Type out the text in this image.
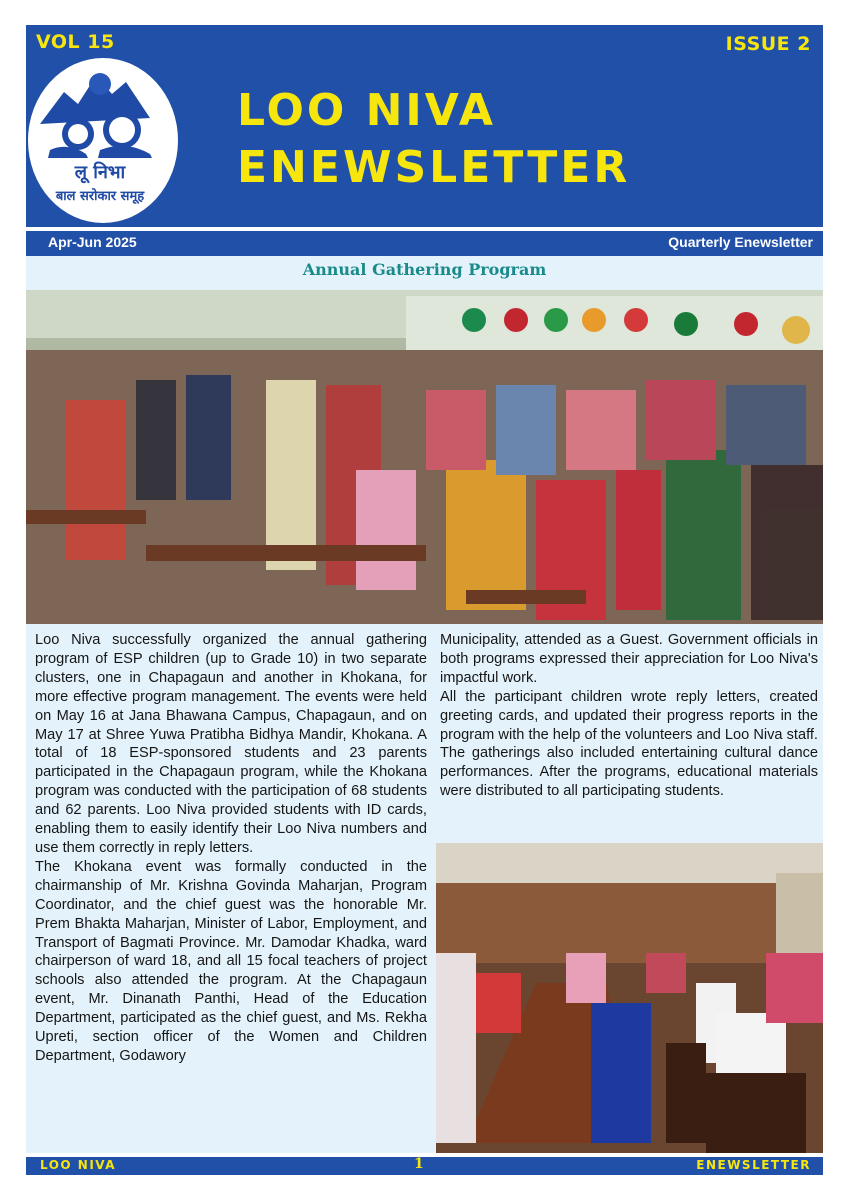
VOL 15	ISSUE 2
लू निभा
बाल सरोकार समूह
LOO NIVA
ENEWSLETTER
Apr-Jun 2025	Quarterly Enewsletter
Annual Gathering Program

Loo Niva successfully organized the annual gathering program of ESP children (up to Grade 10) in two separate clusters, one in Chapagaun and another in Khokana, for more effective program management. The events were held on May 16 at Jana Bhawana Campus, Chapagaun, and on May 17 at Shree Yuwa Pratibha Bidhya Mandir, Khokana. A total of 18 ESP-sponsored students and 23 parents participated in the Chapagaun program, while the Khokana program was conducted with the participation of 68 students and 62 parents. Loo Niva provided students with ID cards, enabling them to easily identify their Loo Niva numbers and use them correctly in reply letters.

The Khokana event was formally conducted in the chairmanship of Mr. Krishna Govinda Maharjan, Program Coordinator, and the chief guest was the honorable Mr. Prem Bhakta Maharjan, Minister of Labor, Employment, and Transport of Bagmati Province. Mr. Damodar Khadka, ward chairperson of ward 18, and all 15 focal teachers of project schools also attended the program. At the Chapagaun event, Mr. Dinanath Panthi, Head of the Education Department, participated as the chief guest, and Ms. Rekha Upreti, section officer of the Women and Children Department, Godawory

Municipality, attended as a Guest. Government officials in both programs expressed their appreciation for Loo Niva's impactful work.

All the participant children wrote reply letters, created greeting cards, and updated their progress reports in the program with the help of the volunteers and Loo Niva staff. The gatherings also included entertaining cultural dance performances. After the programs, educational materials were distributed to all participating students.

LOO NIVA	1	ENEWSLETTER
